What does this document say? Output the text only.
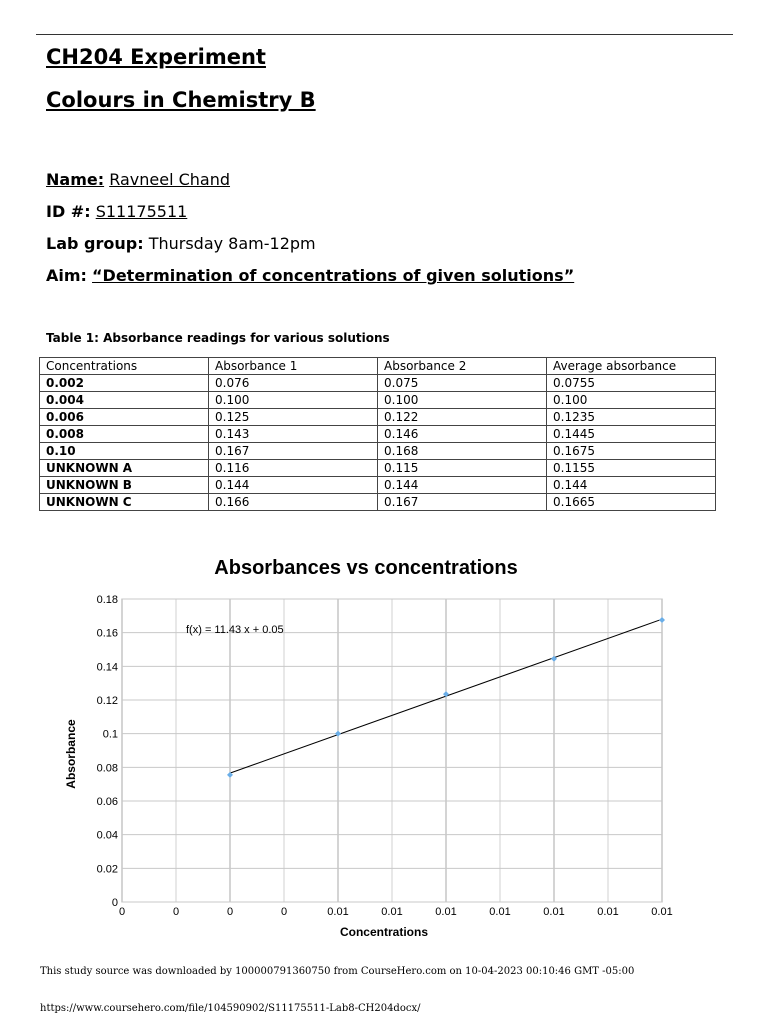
CH204 Experiment
Colours in Chemistry B

Name: Ravneel Chand

ID #: S11175511

Lab group: Thursday 8am-12pm

Aim: “Determination of concentrations of given solutions”

Table 1: Absorbance readings for various solutions

Concentrations	Absorbance 1	Absorbance 2	Average absorbance
0.002	0.076	0.075	0.0755
0.004	0.100	0.100	0.100
0.006	0.125	0.122	0.1235
0.008	0.143	0.146	0.1445
0.10	0.167	0.168	0.1675
UNKNOWN A	0.116	0.115	0.1155
UNKNOWN B	0.144	0.144	0.144
UNKNOWN C	0.166	0.167	0.1665
Absorbances vs concentrations
0
0.02
0.04
0.06
0.08
0.1
0.12
0.14
0.16
0.18
0	0	0	0	0.01	0.01	0.01	0.01	0.01	0.01	0.01
f(x) = 11.43 x + 0.05
Absorbance
Concentrations

This study source was downloaded by 100000791360750 from CourseHero.com on 10-04-2023 00:10:46 GMT -05:00

https://www.coursehero.com/file/104590902/S11175511-Lab8-CH204docx/
